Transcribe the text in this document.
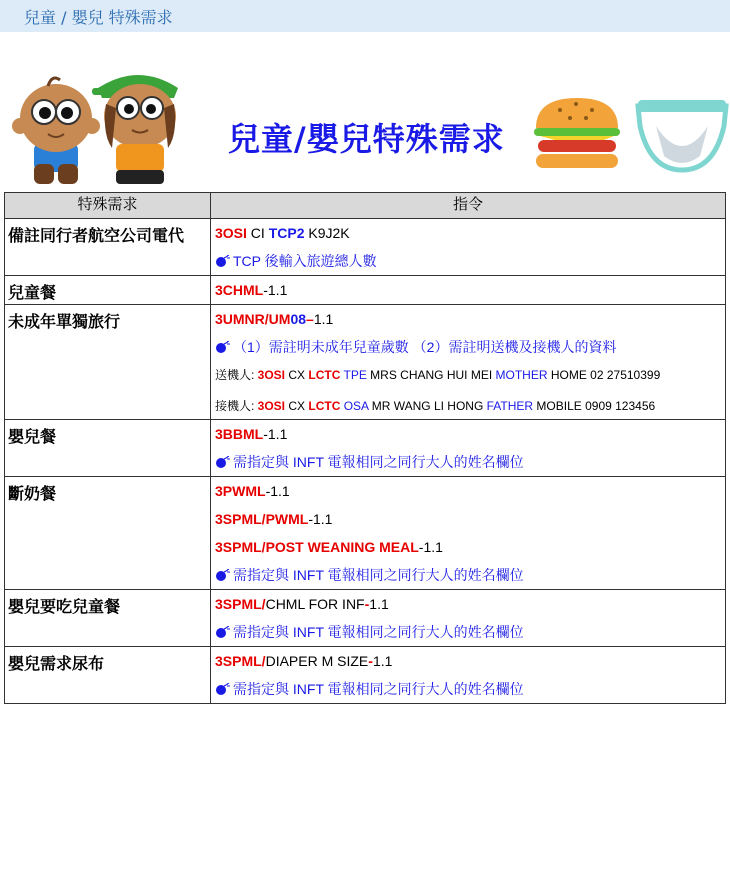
兒童 / 嬰兒 特殊需求
兒童/嬰兒特殊需求
特殊需求	指令
備註同行者航空公司電代	3OSI CI TCP2 K9J2K
TCP 後輸入旅遊總人數

兒童餐	3CHML-1.1

未成年單獨旅行	3UMNR/UM08–1.1
（1）需註明未成年兒童歲數 （2）需註明送機及接機人的資料
送機人: 3OSI CX LCTC TPE MRS CHANG HUI MEI MOTHER HOME 02 27510399
接機人: 3OSI CX LCTC OSA MR WANG LI HONG FATHER MOBILE 0909 123456

嬰兒餐	3BBML-1.1
需指定與 INFT 電報相同之同行大人的姓名欄位

斷奶餐	3PWML-1.1
3SPML/PWML-1.1
3SPML/POST WEANING MEAL-1.1
需指定與 INFT 電報相同之同行大人的姓名欄位

嬰兒要吃兒童餐	3SPML/CHML FOR INF-1.1
需指定與 INFT 電報相同之同行大人的姓名欄位

嬰兒需求尿布	3SPML/DIAPER M SIZE-1.1
需指定與 INFT 電報相同之同行大人的姓名欄位
